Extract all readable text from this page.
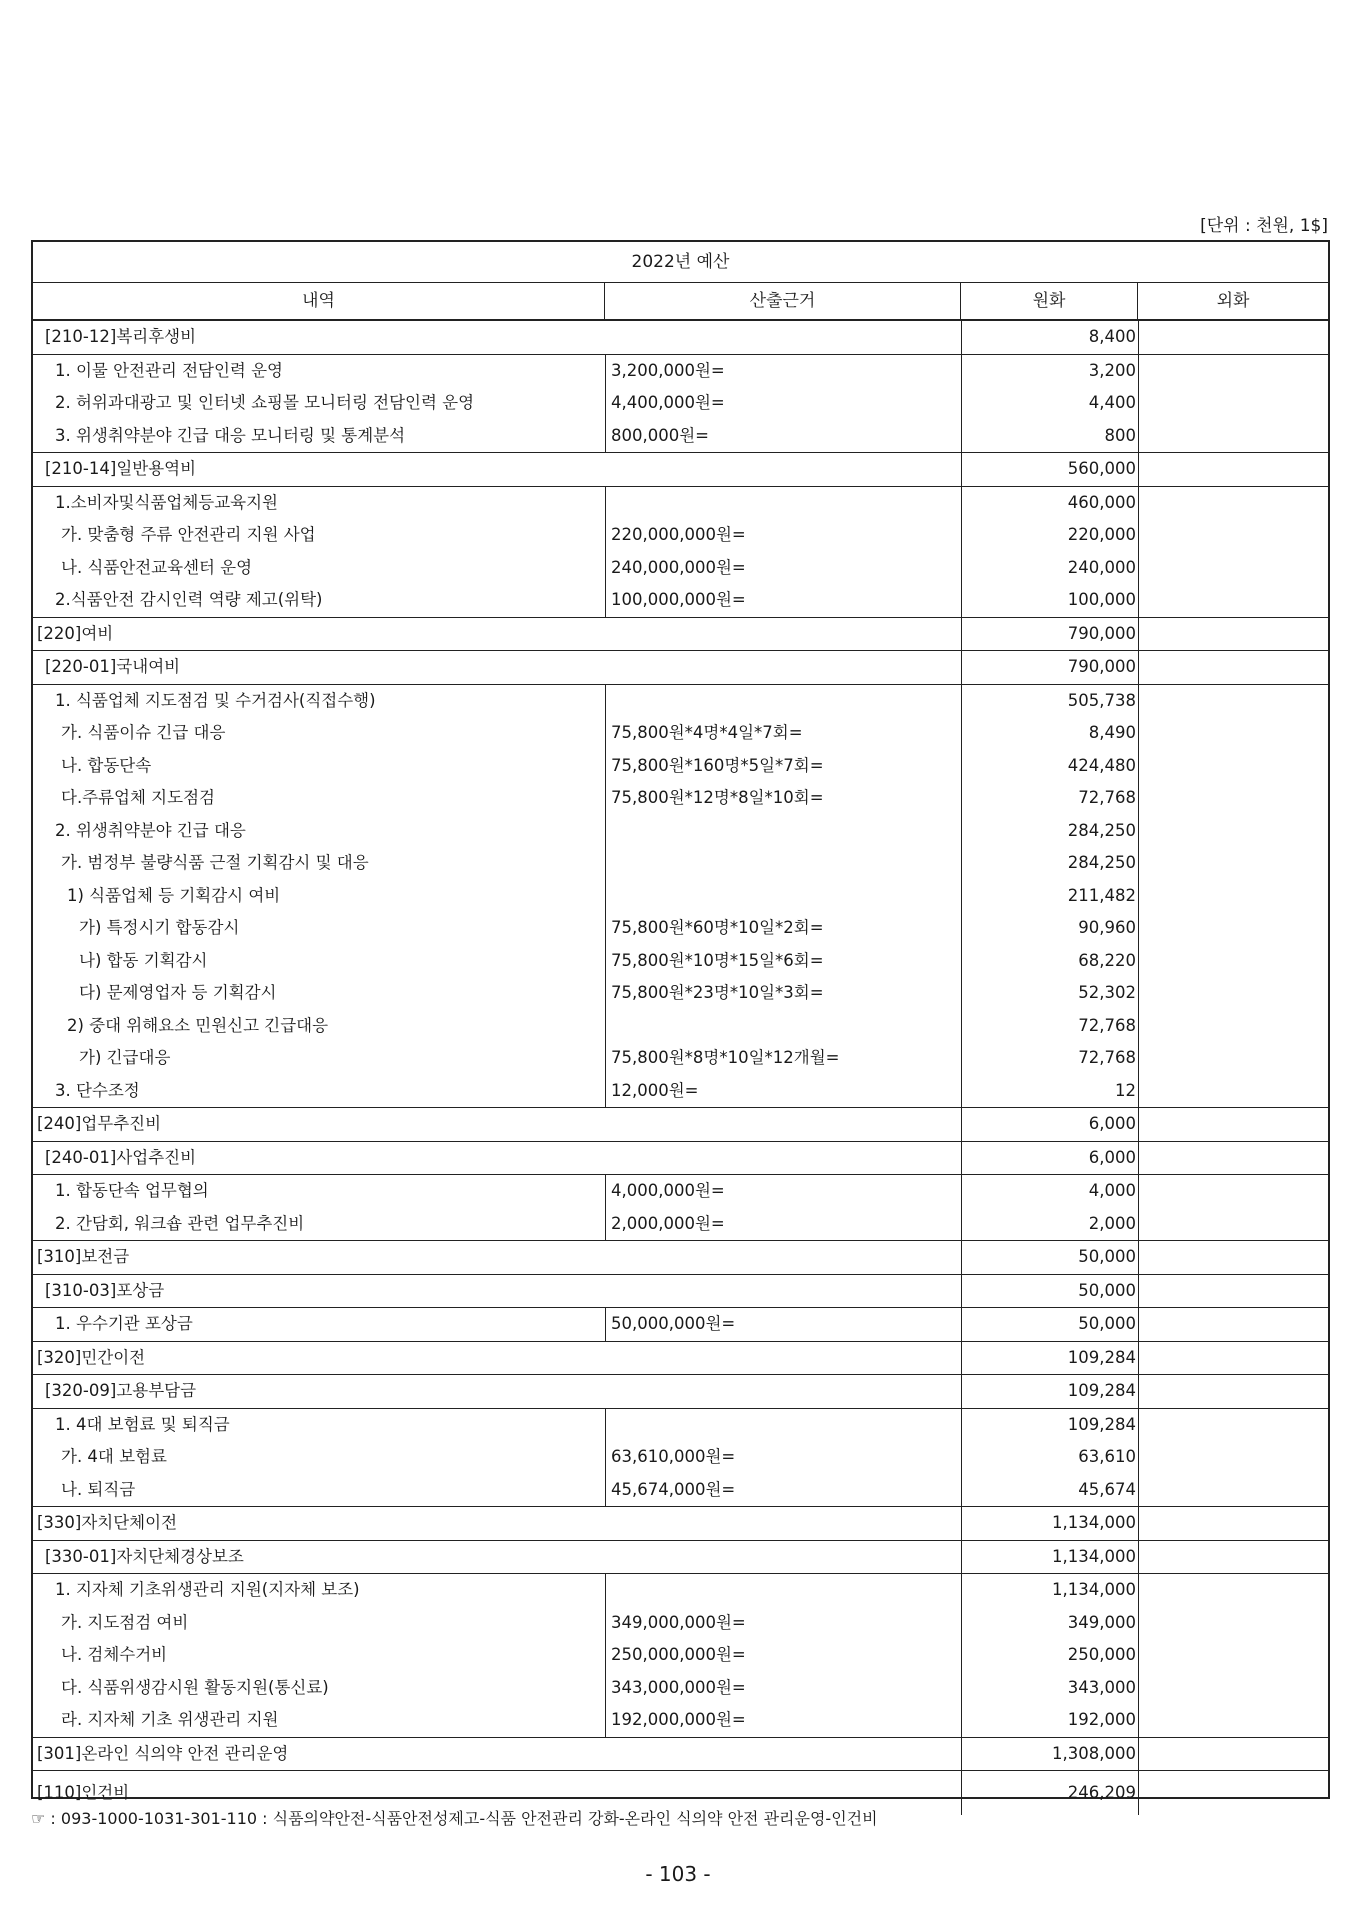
[단위 : 천원, 1$]
2022년 예산
내역	산출근거	원화	외화
[210-12]복리후생비	8,400
1. 이물 안전관리 전담인력 운영	3,200,000원=	3,200
2. 허위과대광고 및 인터넷 쇼핑몰 모니터링 전담인력 운영	4,400,000원=	4,400
3. 위생취약분야 긴급 대응 모니터링 및 통계분석	800,000원=	800
[210-14]일반용역비	560,000
1.소비자및식품업체등교육지원	460,000
가. 맞춤형 주류 안전관리 지원 사업	220,000,000원=	220,000
나. 식품안전교육센터 운영	240,000,000원=	240,000
2.식품안전 감시인력 역량 제고(위탁)	100,000,000원=	100,000
[220]여비	790,000
[220-01]국내여비	790,000
1. 식품업체 지도점검 및 수거검사(직접수행)	505,738
가. 식품이슈 긴급 대응	75,800원*4명*4일*7회=	8,490
나. 합동단속	75,800원*160명*5일*7회=	424,480
다.주류업체 지도점검	75,800원*12명*8일*10회=	72,768
2. 위생취약분야 긴급 대응	284,250
가. 범정부 불량식품 근절 기획감시 및 대응	284,250
1) 식품업체 등 기획감시 여비	211,482
가) 특정시기 합동감시	75,800원*60명*10일*2회=	90,960
나) 합동 기획감시	75,800원*10명*15일*6회=	68,220
다) 문제영업자 등 기획감시	75,800원*23명*10일*3회=	52,302
2) 중대 위해요소 민원신고 긴급대응	72,768
가) 긴급대응	75,800원*8명*10일*12개월=	72,768
3. 단수조정	12,000원=	12
[240]업무추진비	6,000
[240-01]사업추진비	6,000
1. 합동단속 업무협의	4,000,000원=	4,000
2. 간담회, 워크숍 관련 업무추진비	2,000,000원=	2,000
[310]보전금	50,000
[310-03]포상금	50,000
1. 우수기관 포상금	50,000,000원=	50,000
[320]민간이전	109,284
[320-09]고용부담금	109,284
1. 4대 보험료 및 퇴직금	109,284
가. 4대 보험료	63,610,000원=	63,610
나. 퇴직금	45,674,000원=	45,674
[330]자치단체이전	1,134,000
[330-01]자치단체경상보조	1,134,000
1. 지자체 기초위생관리 지원(지자체 보조)	1,134,000
가. 지도점검 여비	349,000,000원=	349,000
나. 검체수거비	250,000,000원=	250,000
다. 식품위생감시원 활동지원(통신료)	343,000,000원=	343,000
라. 지자체 기초 위생관리 지원	192,000,000원=	192,000
[301]온라인 식의약 안전 관리운영	1,308,000
[110]인건비	246,209
☞ : 093-1000-1031-301-110 : 식품의약안전-식품안전성제고-식품 안전관리 강화-온라인 식의약 안전 관리운영-인건비
- 103 -
